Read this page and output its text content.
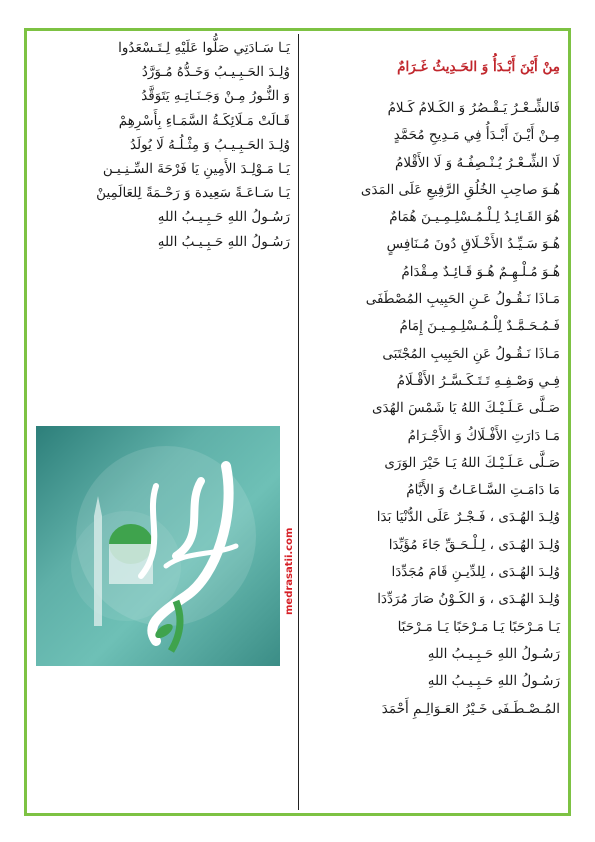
مِنْ أَيْنَ أَبْـدَأُ وَ الحَـدِيثُ غَـرَامٌ
فَالشِّـعْـرُ يَـقْـصُرُ وَ الكَـلامُ كَـلامُ
مِـنْ أَيْـنَ أَبْـدَأُ فِي مَـدِيحِ مُحَمَّدٍ
لَا الشِّـعْـرُ يُـنْـصِفُـهُ وَ لَا الأَقْلامُ
هُـوَ صاحِبِ الخُلُقِ الرَّفِيعِ عَلَى المَدَى
هُوَ القَـائِـدُ لِـلْـمُـسْلِـمِـيـنَ هُمَامٌ
هُـوَ سَـيِّـدُ الأَخْـلَاقِ دُونَ مُـنَافِسٍ
هُـوَ مُـلْـهِـمٌ هُـوَ قَـائِـدٌ مِـقْدَامُ
مَـاذَا نَـقُـولُ عَـنِ الحَبِيبِ المُصْطَفَى
فَـمُـحَـمَّـدٌ لِلْـمُـسْلِـمِـيـنَ إِمَامُ
مَـاذَا نَـقُـولُ عَنِ الحَبِيبِ المُجْتَبَى
فِـي وَصْـفِـهِ تَـتَـكَـسَّـرُ الأَقْـلَامُ
صَـلَّى عَـلَـيْـكَ اللهُ يَا شَمْسَ الهُدَى
مَـا دَارَتِ الأَفْـلَاكُ وَ الأَجْـرَامُ
صَـلَّى عَـلَـيْـكَ اللهُ يَـا خَيْرَ الوَرَى
مَا دَامَـتِ السَّـاعَـاتُ وَ الأَيَّامُ
وُلِـدَ الهُـدَى ، فَـجْـرٌ عَلَى الدُّنْيَا بَدَا
وُلِـدَ الهُـدَى ، لِـلْـحَـقِّ جَاءَ مُؤَيِّدَا
وُلِـدَ الهُـدَى ، لِلدِّيـنِ قَامَ مُجَدِّدَا
وُلِـدَ الهُـدَى ، وَ الكَـوْنُ صَارَ مُرَدِّدَا
يَـا مَـرْحَبًا يَـا مَـرْحَبًا يَـا مَـرْحَبًا
رَسُـولُ اللهِ حَـبِـيـبُ اللهِ
رَسُـولُ اللهِ حَـبِـيـبُ اللهِ
المُـصْـطَـفَى خَـيْرُ العَـوَالِـمِ أَحْمَدَ
يَـا سَـادَتِي صَلُّوا عَلَيْهِ لِـتَـسْعَدُوا
وُلِـدَ الحَـبِـيـبُ وَخَـدُّهُ مُـوَرَّدُ
وَ النُّـورُ مِـنْ وَجَـنَـاتِـهِ يَتَوَقَّدُ
قَـالَتْ مَـلَائِكَـةُ السَّمَـاءِ بِأَسْرِهِمْ
وُلِـدَ الحَـبِـيـبُ وَ مِثْـلُـهُ لَا يُولَدُ
يَـا مَـوْلِـدَ الأَمِينِ يَا فَرْحَةَ السِّـنِـيـن
يَـا سَـاعَـةً سَعِيدة وَ رَحْـمَةً لِلعَالَمِينْ
رَسُـولُ اللهِ حَـبِـيـبُ اللهِ
رَسُـولُ اللهِ حَـبِـيـبُ اللهِ
medrasatii.com
